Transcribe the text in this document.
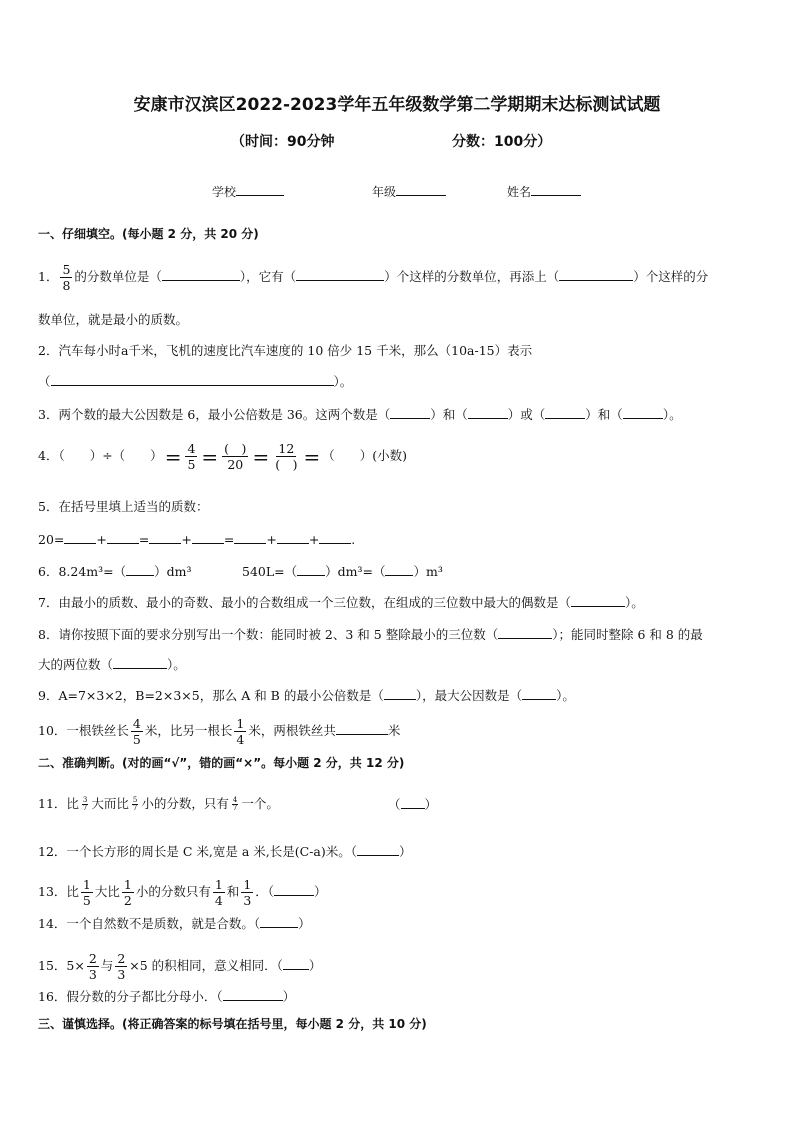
安康市汉滨区2022-2023学年五年级数学第二学期期末达标测试试题
（时间：90分钟	分数：100分）
学校	年级	姓名
一、仔细填空。(每小题 2 分，共 20 分)
1． $\frac{5}{8}$ 的分数单位是（	），它有（	）个这样的分数单位，再添上（	）个这样的分
数单位，就是最小的质数。
2．汽车每小时a千米，飞机的速度比汽车速度的 10 倍少 15 千米，那么（10a-15）表示
（	）。
3．两个数的最大公因数是 6，最小公倍数是 36。这两个数是（	）和（	）或（	）和（	）。
4．（　　）÷（　　） = $\frac{4}{5} = \frac{( )}{20} = \frac{12}{( )}$ = （　　）(小数)
5．在括号里填上适当的质数：
20=	+	=	+	=	+	+	.
6．8.24m³=（ ）dm³	540L=（ ）dm³=（ ）m³
7．由最小的质数、最小的奇数、最小的合数组成一个三位数，在组成的三位数中最大的偶数是（	）。
8．请你按照下面的要求分别写出一个数：能同时被 2、3 和 5 整除最小的三位数（	）；能同时整除 6 和 8 的最
大的两位数（	）。
9．A=7×3×2，B=2×3×5，那么 A 和 B 的最小公倍数是（	），最大公因数是（	）。
10．一根铁丝长 $\frac{4}{5}$ 米，比另一根长 $\frac{1}{4}$ 米，两根铁丝共	米
二、准确判断。(对的画“√”，错的画“×”。每小题 2 分，共 12 分)
11．比 $\frac{3}{7}$ 大而比 $\frac{5}{7}$ 小的分数，只有 $\frac{4}{7}$ 一个。	（ ）
12．一个长方形的周长是 C 米,宽是 a 米,长是(C-a)米。（	）
13．比 $\frac{1}{5}$ 大比 $\frac{1}{2}$ 小的分数只有 $\frac{1}{4}$ 和 $\frac{1}{3}$ ．（	）
14．一个自然数不是质数，就是合数。（	）
15．$5\times \frac{2}{3}$ 与 $\frac{2}{3} \times 5$ 的积相同，意义相同．（ ）
16．假分数的分子都比分母小．（	）
三、谨慎选择。(将正确答案的标号填在括号里，每小题 2 分，共 10 分)
